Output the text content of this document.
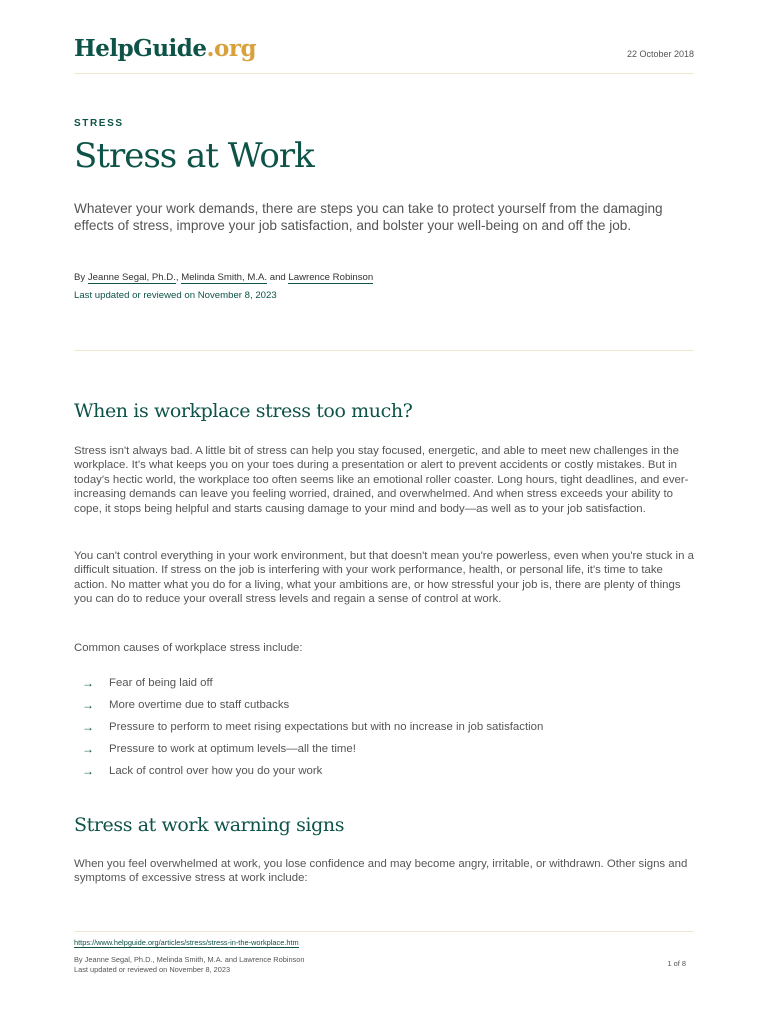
HelpGuide.org	22 October 2018
STRESS
Stress at Work

Whatever your work demands, there are steps you can take to protect yourself from the damaging effects of stress, improve your job satisfaction, and bolster your well-being on and off the job.

By Jeanne Segal, Ph.D., Melinda Smith, M.A. and Lawrence Robinson
Last updated or reviewed on November 8, 2023
When is workplace stress too much?

Stress isn't always bad. A little bit of stress can help you stay focused, energetic, and able to meet new challenges in the workplace. It's what keeps you on your toes during a presentation or alert to prevent accidents or costly mistakes. But in today's hectic world, the workplace too often seems like an emotional roller coaster. Long hours, tight deadlines, and ever-increasing demands can leave you feeling worried, drained, and overwhelmed. And when stress exceeds your ability to cope, it stops being helpful and starts causing damage to your mind and body—as well as to your job satisfaction.

You can't control everything in your work environment, but that doesn't mean you're powerless, even when you're stuck in a difficult situation. If stress on the job is interfering with your work performance, health, or personal life, it's time to take action. No matter what you do for a living, what your ambitions are, or how stressful your job is, there are plenty of things you can do to reduce your overall stress levels and regain a sense of control at work.

Common causes of workplace stress include:

→	Fear of being laid off
→	More overtime due to staff cutbacks
→	Pressure to perform to meet rising expectations but with no increase in job satisfaction
→	Pressure to work at optimum levels—all the time!
→	Lack of control over how you do your work
Stress at work warning signs

When you feel overwhelmed at work, you lose confidence and may become angry, irritable, or withdrawn. Other signs and symptoms of excessive stress at work include:

https://www.helpguide.org/articles/stress/stress-in-the-workplace.htm
By Jeanne Segal, Ph.D., Melinda Smith, M.A. and Lawrence Robinson
Last updated or reviewed on November 8, 2023
1 of 8
